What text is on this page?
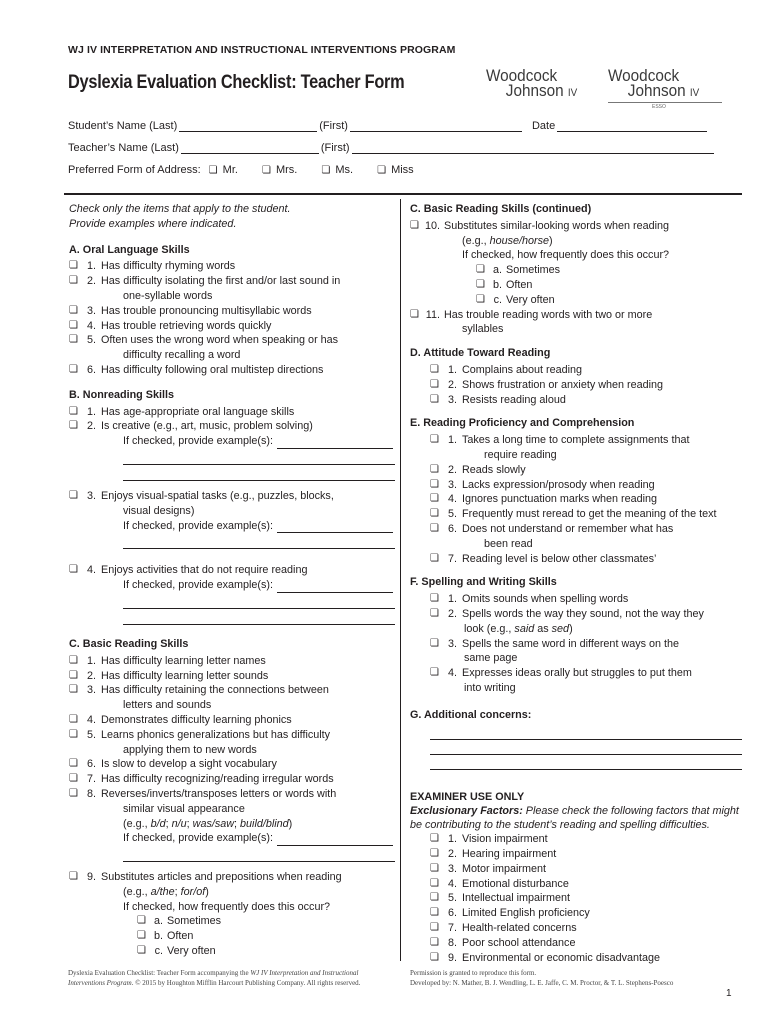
WJ IV INTERPRETATION AND INSTRUCTIONAL INTERVENTIONS PROGRAM
Dyslexia Evaluation Checklist: Teacher Form	Woodcock
Johnson IV
Woodcock
Johnson IV
ESSO
Student’s Name (Last)	(First)	Date
Teacher’s Name (Last)	(First)
Preferred Form of Address: ❏ Mr. ❏ Mrs. ❏ Ms. ❏ Miss
Check only the items that apply to the student.
Provide examples where indicated.
A. Oral Language Skills
❏ 1. Has difficulty rhyming words
❏ 2. Has difficulty isolating the first and/or last sound in
one-syllable words
❏ 3. Has trouble pronouncing multisyllabic words
❏ 4. Has trouble retrieving words quickly
❏ 5. Often uses the wrong word when speaking or has
difficulty recalling a word
❏ 6. Has difficulty following oral multistep directions
B. Nonreading Skills
❏ 1. Has age-appropriate oral language skills
❏ 2. Is creative (e.g., art, music, problem solving)
If checked, provide example(s):
❏ 3. Enjoys visual-spatial tasks (e.g., puzzles, blocks,
visual designs)
If checked, provide example(s):
❏ 4. Enjoys activities that do not require reading
If checked, provide example(s):
C. Basic Reading Skills
❏ 1. Has difficulty learning letter names
❏ 2. Has difficulty learning letter sounds
❏ 3. Has difficulty retaining the connections between
letters and sounds
❏ 4. Demonstrates difficulty learning phonics
❏ 5. Learns phonics generalizations but has difficulty
applying them to new words
❏ 6. Is slow to develop a sight vocabulary
❏ 7. Has difficulty recognizing/reading irregular words
❏ 8. Reverses/inverts/transposes letters or words with
similar visual appearance
(e.g., b/d; n/u; was/saw; build/blind)
If checked, provide example(s):
❏ 9. Substitutes articles and prepositions when reading
(e.g., a/the; for/of)
If checked, how frequently does this occur?
❏ a. Sometimes
❏ b. Often
❏ c. Very often
C. Basic Reading Skills (continued)
❏ 10. Substitutes similar-looking words when reading
(e.g., house/horse)
If checked, how frequently does this occur?
❏ a. Sometimes
❏ b. Often
❏ c. Very often
❏ 11. Has trouble reading words with two or more
syllables
D. Attitude Toward Reading
❏ 1. Complains about reading
❏ 2. Shows frustration or anxiety when reading
❏ 3. Resists reading aloud
E. Reading Proficiency and Comprehension
❏ 1. Takes a long time to complete assignments that
require reading
❏ 2. Reads slowly
❏ 3. Lacks expression/prosody when reading
❏ 4. Ignores punctuation marks when reading
❏ 5. Frequently must reread to get the meaning of the text
❏ 6. Does not understand or remember what has
been read
❏ 7. Reading level is below other classmates’
F. Spelling and Writing Skills
❏ 1. Omits sounds when spelling words
❏ 2. Spells words the way they sound, not the way they
look (e.g., said as sed)
❏ 3. Spells the same word in different ways on the
same page
❏ 4. Expresses ideas orally but struggles to put them
into writing
G. Additional concerns:
EXAMINER USE ONLY
Exclusionary Factors: Please check the following factors that might be contributing to the student’s reading and spelling difficulties.
❏ 1. Vision impairment
❏ 2. Hearing impairment
❏ 3. Motor impairment
❏ 4. Emotional disturbance
❏ 5. Intellectual impairment
❏ 6. Limited English proficiency
❏ 7. Health-related concerns
❏ 8. Poor school attendance
❏ 9. Environmental or economic disadvantage
Dyslexia Evaluation Checklist: Teacher Form accompanying the WJ IV Interpretation and Instructional
Interventions Program. © 2015 by Houghton Mifflin Harcourt Publishing Company. All rights reserved.
Permission is granted to reproduce this form.
Developed by: N. Mather, B. J. Wendling, L. E. Jaffe, C. M. Proctor, & T. L. Stephens-Poesco
1
